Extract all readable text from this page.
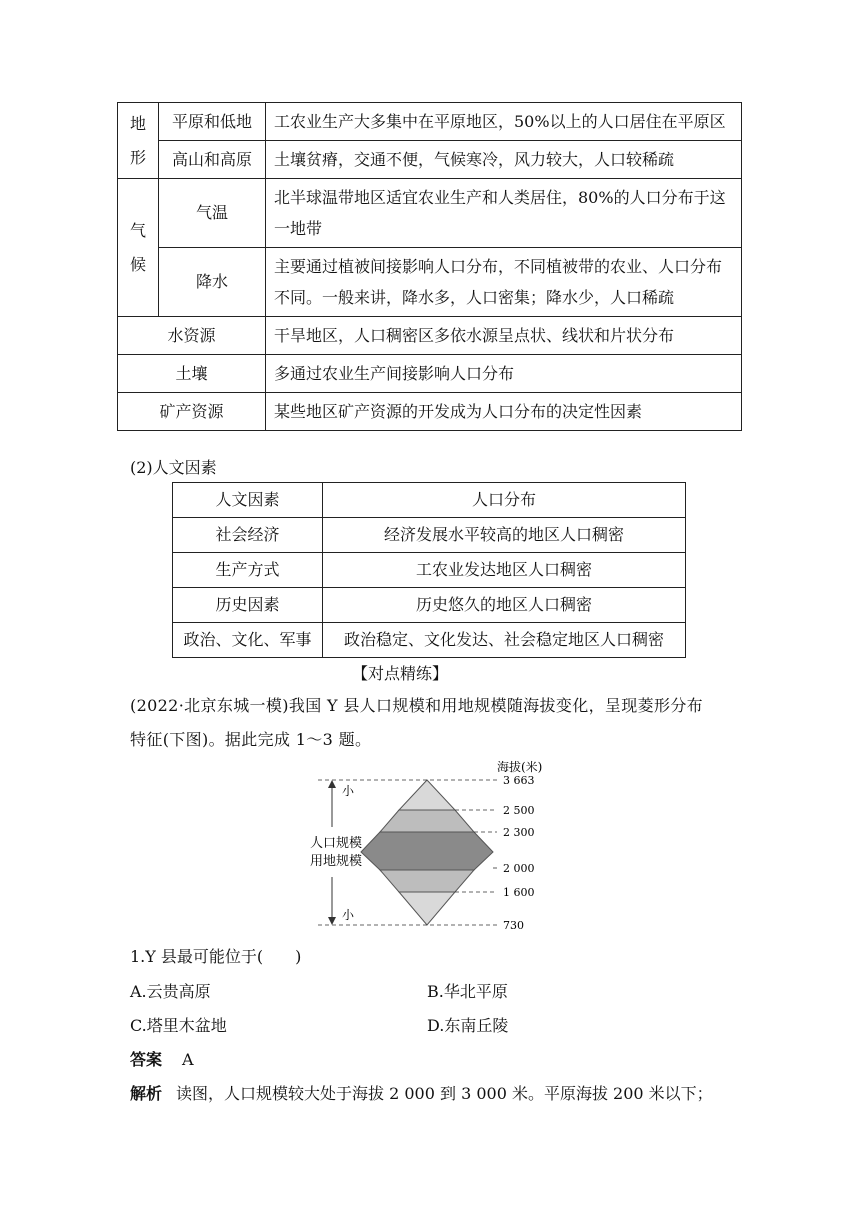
地形	平原和低地	工农业生产大多集中在平原地区，50%以上的人口居住在平原区
	高山和高原	土壤贫瘠，交通不便，气候寒冷，风力较大，人口较稀疏
气候	气温	北半球温带地区适宜农业生产和人类居住，80%的人口分布于这一地带
	降水	主要通过植被间接影响人口分布，不同植被带的农业、人口分布不同。一般来讲，降水多，人口密集；降水少，人口稀疏
水资源		干旱地区，人口稠密区多依水源呈点状、线状和片状分布
土壤		多通过农业生产间接影响人口分布
矿产资源		某些地区矿产资源的开发成为人口分布的决定性因素
(2)人文因素
人文因素	人口分布
社会经济	经济发展水平较高的地区人口稠密
生产方式	工农业发达地区人口稠密
历史因素	历史悠久的地区人口稠密
政治、文化、军事	政治稳定、文化发达、社会稳定地区人口稠密
【对点精练】
(2022·北京东城一模)我国 Y 县人口规模和用地规模随海拔变化，呈现菱形分布
特征(下图)。据此完成 1～3 题。
海拔(米)
小
小
人口规模
用地规模
3 663
2 500
2 300
2 000
1 600
730
1.Y 县最可能位于(　　)
A.云贵高原	B.华北平原
C.塔里木盆地	D.东南丘陵
答案 A
解析 读图，人口规模较大处于海拔 2 000 到 3 000 米。平原海拔 200 米以下；
